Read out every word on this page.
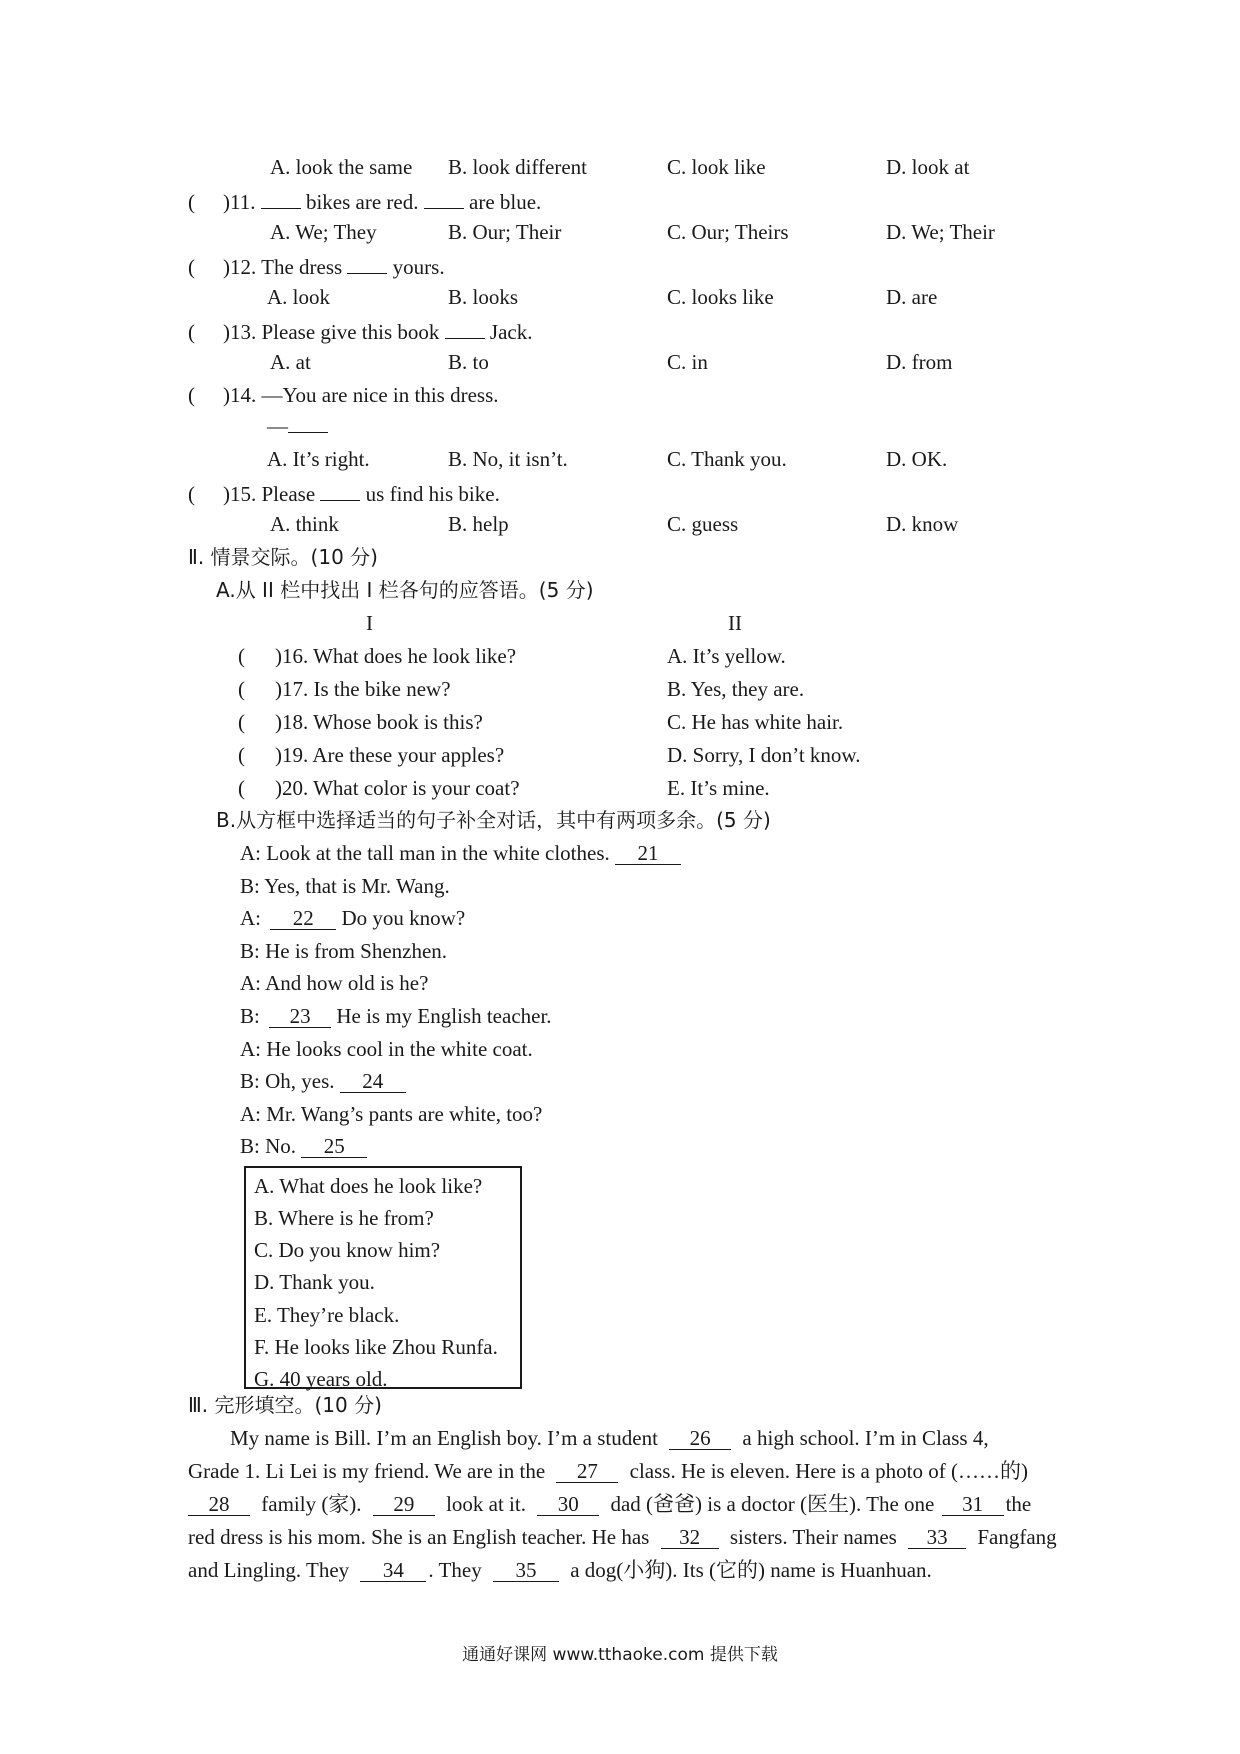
A. look the same B. look different	C. look like	D. look at
( )11. bikes are red. are blue.
A. We; They	B. Our; Their	C. Our; Theirs	D. We; Their
( )12. The dress yours.
A. look	B. looks	C. looks like	D. are
( )13. Please give this book Jack.
A. at	B. to	C. in	D. from
( )14. —You are nice in this dress.
—
A. It’s right.	B. No, it isn’t.	C. Thank you.	D. OK.
( )15. Please us find his bike.
A. think	B. help	C. guess	D. know
Ⅱ. 情景交际。(10 分)
A.从 II 栏中找出 I 栏各句的应答语。(5 分)
I	II
( )16. What does he look like?	A. It’s yellow.
( )17. Is the bike new?	B. Yes, they are.
( )18. Whose book is this?	C. He has white hair.
( )19. Are these your apples?	D. Sorry, I don’t know.
( )20. What color is your coat?	E. It’s mine.
B.从方框中选择适当的句子补全对话，其中有两项多余。(5 分)
A: Look at the tall man in the white clothes. 21
B: Yes, that is Mr. Wang.
A: 22 Do you know?
B: He is from Shenzhen.
A: And how old is he?
B: 23 He is my English teacher.
A: He looks cool in the white coat.
B: Oh, yes. 24
A: Mr. Wang’s pants are white, too?
B: No. 25
A. What does he look like?
B. Where is he from?
C. Do you know him?
D. Thank you.
E. They’re black.
F. He looks like Zhou Runfa.
G. 40 years old.
Ⅲ. 完形填空。(10 分)
My name is Bill. I’m an English boy. I’m a student 26 a high school. I’m in Class 4,
Grade 1. Li Lei is my friend. We are in the 27 class. He is eleven. Here is a photo of (……的)
28 family (家). 29 look at it. 30 dad (爸爸) is a doctor (医生). The one 31 the
red dress is his mom. She is an English teacher. He has 32 sisters. Their names 33 Fangfang
and Lingling. They 34 . They 35 a dog(小狗). Its (它的) name is Huanhuan.
通通好课网 www.tthaoke.com 提供下载
